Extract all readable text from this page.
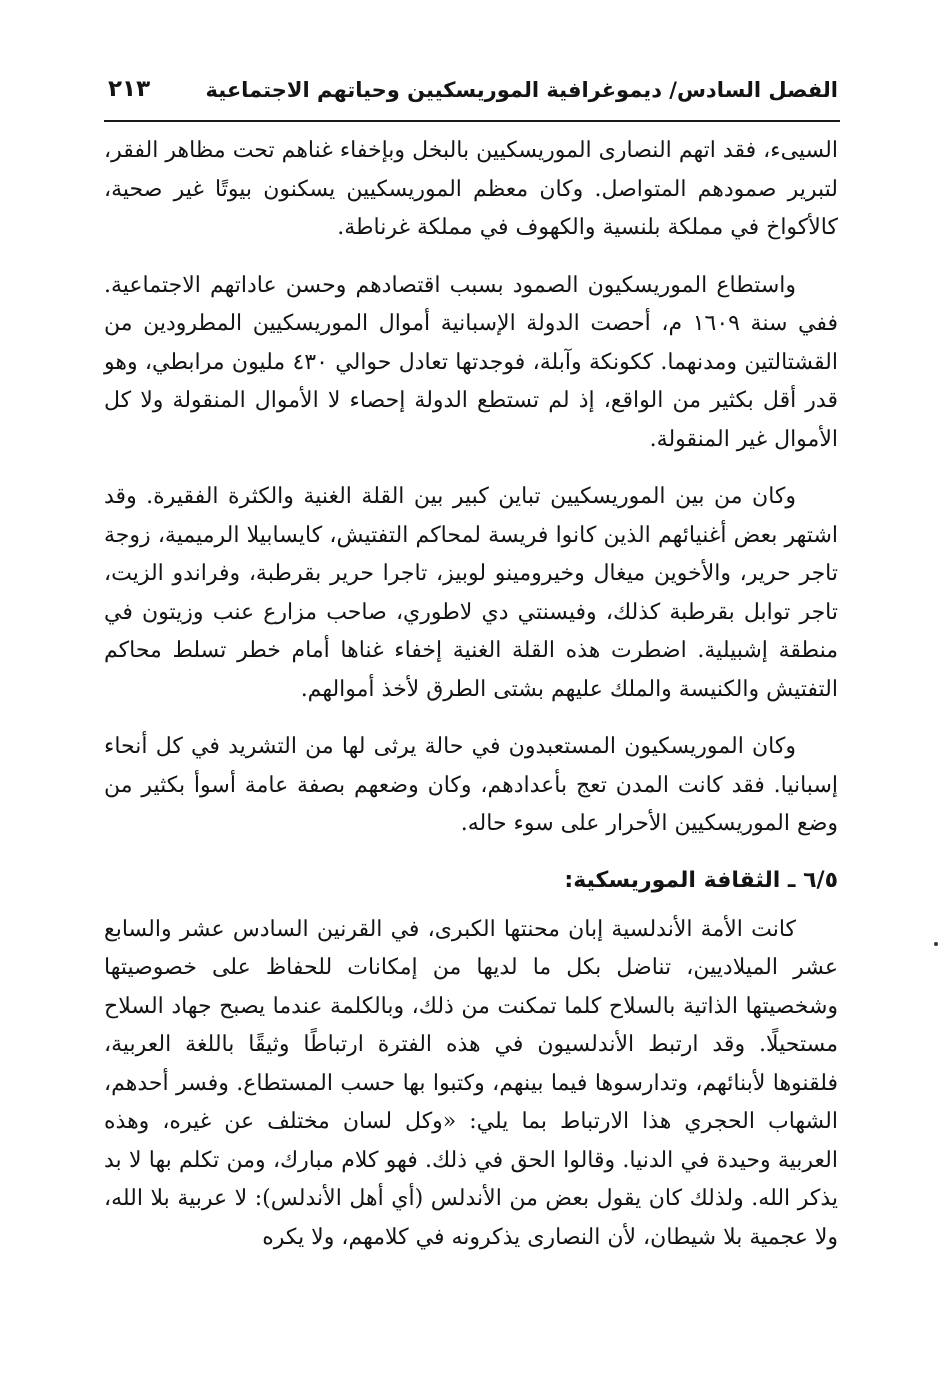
الفصل السادس/ ديموغرافية الموريسكيين وحياتهم الاجتماعية
٢١٣

السيىء، فقد اتهم النصارى الموريسكيين بالبخل وبإخفاء غناهم تحت مظاهر الفقر، لتبرير صمودهم المتواصل. وكان معظم الموريسكيين يسكنون بيوتًا غير صحية، كالأكواخ في مملكة بلنسية والكهوف في مملكة غرناطة.

واستطاع الموريسكيون الصمود بسبب اقتصادهم وحسن عاداتهم الاجتماعية. ففي سنة ١٦٠٩ م، أحصت الدولة الإسبانية أموال الموريسكيين المطرودين من القشتالتين ومدنهما. ككونكة وآبلة، فوجدتها تعادل حوالي ٤٣٠ مليون مرابطي، وهو قدر أقل بكثير من الواقع، إذ لم تستطع الدولة إحصاء لا الأموال المنقولة ولا كل الأموال غير المنقولة.

وكان من بين الموريسكيين تباين كبير بين القلة الغنية والكثرة الفقيرة. وقد اشتهر بعض أغنيائهم الذين كانوا فريسة لمحاكم التفتيش، كايسابيلا الرميمية، زوجة تاجر حرير، والأخوين ميغال وخيرومينو لوبيز، تاجرا حرير بقرطبة، وفراندو الزيت، تاجر توابل بقرطبة كذلك، وفيسنتي دي لاطوري، صاحب مزارع عنب وزيتون في منطقة إشبيلية. اضطرت هذه القلة الغنية إخفاء غناها أمام خطر تسلط محاكم التفتيش والكنيسة والملك عليهم بشتى الطرق لأخذ أموالهم.

وكان الموريسكيون المستعبدون في حالة يرثى لها من التشريد في كل أنحاء إسبانيا. فقد كانت المدن تعج بأعدادهم، وكان وضعهم بصفة عامة أسوأ بكثير من وضع الموريسكيين الأحرار على سوء حاله.

٦/٥ ـ الثقافة الموريسكية:

كانت الأمة الأندلسية إبان محنتها الكبرى، في القرنين السادس عشر والسابع عشر الميلاديين، تناضل بكل ما لديها من إمكانات للحفاظ على خصوصيتها وشخصيتها الذاتية بالسلاح كلما تمكنت من ذلك، وبالكلمة عندما يصبح جهاد السلاح مستحيلًا. وقد ارتبط الأندلسيون في هذه الفترة ارتباطًا وثيقًا باللغة العربية، فلقنوها لأبنائهم، وتدارسوها فيما بينهم، وكتبوا بها حسب المستطاع. وفسر أحدهم، الشهاب الحجري هذا الارتباط بما يلي: «وكل لسان مختلف عن غيره، وهذه العربية وحيدة في الدنيا. وقالوا الحق في ذلك. فهو كلام مبارك، ومن تكلم بها لا بد يذكر الله. ولذلك كان يقول بعض من الأندلس (أي أهل الأندلس): لا عربية بلا الله، ولا عجمية بلا شيطان، لأن النصارى يذكرونه في كلامهم، ولا يكره
